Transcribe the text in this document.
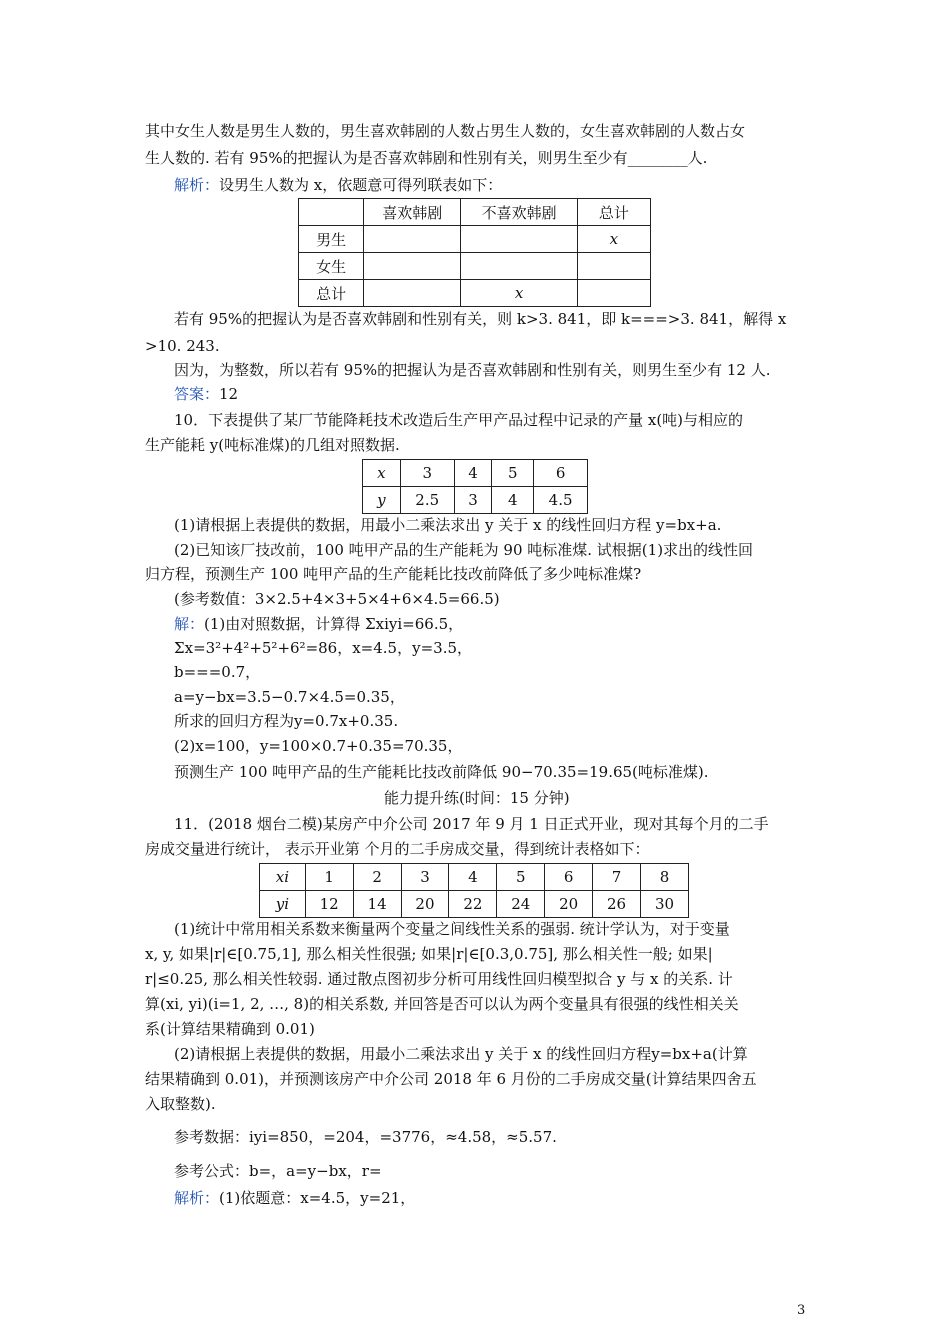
其中女生人数是男生人数的，男生喜欢韩剧的人数占男生人数的，女生喜欢韩剧的人数占女
生人数的. 若有 95%的把握认为是否喜欢韩剧和性别有关，则男生至少有________人.
解析：设男生人数为 x，依题意可得列联表如下：
	喜欢韩剧	不喜欢韩剧	总计
男生			x
女生			
总计		x	
若有 95%的把握认为是否喜欢韩剧和性别有关，则 k>3. 841，即 k===>3. 841，解得 x
>10. 243.
因为，为整数，所以若有 95%的把握认为是否喜欢韩剧和性别有关，则男生至少有 12 人.
答案：12
10．下表提供了某厂节能降耗技术改造后生产甲产品过程中记录的产量 x(吨)与相应的
生产能耗 y(吨标准煤)的几组对照数据.
x	3	4	5	6
y	2.5	3	4	4.5
(1)请根据上表提供的数据，用最小二乘法求出 y 关于 x 的线性回归方程 y=bx+a.
(2)已知该厂技改前，100 吨甲产品的生产能耗为 90 吨标准煤. 试根据(1)求出的线性回
归方程，预测生产 100 吨甲产品的生产能耗比技改前降低了多少吨标准煤?
(参考数值：3×2.5+4×3+5×4+6×4.5=66.5)
解：(1)由对照数据，计算得 Σxiyi=66.5，
Σx=3²+4²+5²+6²=86，x=4.5，y=3.5，
b===0.7，
a=y−bx=3.5−0.7×4.5=0.35，
所求的回归方程为y=0.7x+0.35.
(2)x=100，y=100×0.7+0.35=70.35，
预测生产 100 吨甲产品的生产能耗比技改前降低 90−70.35=19.65(吨标准煤).
能力提升练(时间：15 分钟)
11．(2018 烟台二模)某房产中介公司 2017 年 9 月 1 日正式开业，现对其每个月的二手
房成交量进行统计， 表示开业第 个月的二手房成交量，得到统计表格如下：
xi	1	2	3	4	5	6	7	8
yi	12	14	20	22	24	20	26	30
(1)统计中常用相关系数来衡量两个变量之间线性关系的强弱. 统计学认为，对于变量
x, y, 如果|r|∈[0.75,1], 那么相关性很强; 如果|r|∈[0.3,0.75], 那么相关性一般; 如果|
r|≤0.25, 那么相关性较弱. 通过散点图初步分析可用线性回归模型拟合 y 与 x 的关系. 计
算(xi, yi)(i=1, 2, …, 8)的相关系数, 并回答是否可以认为两个变量具有很强的线性相关关
系(计算结果精确到 0.01)
(2)请根据上表提供的数据，用最小二乘法求出 y 关于 x 的线性回归方程y=bx+a(计算
结果精确到 0.01)，并预测该房产中介公司 2018 年 6 月份的二手房成交量(计算结果四舍五
入取整数).
参考数据：iyi=850，=204，=3776，≈4.58，≈5.57.
参考公式：b=，a=y−bx，r=
解析：(1)依题意：x=4.5，y=21，
3
